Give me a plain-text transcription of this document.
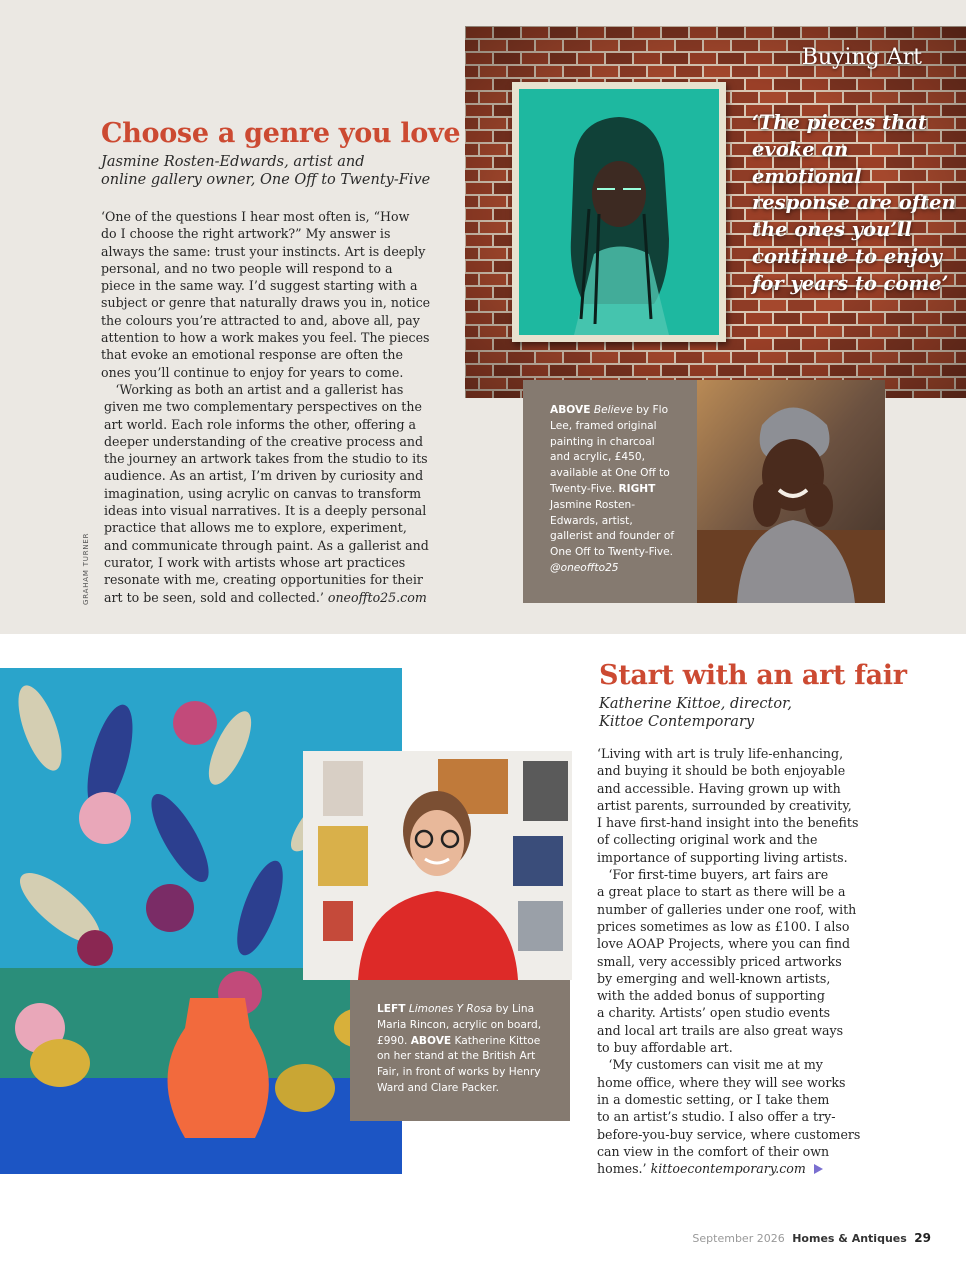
Choose a genre you love
Jasmine Rosten-Edwards, artist and
online gallery owner, One Off to Twenty-Five
‘One of the questions I hear most often is, “How
do I choose the right artwork?” My answer is
always the same: trust your instincts. Art is deeply
personal, and no two people will respond to a
piece in the same way. I’d suggest starting with a
subject or genre that naturally draws you in, notice
the colours you’re attracted to and, above all, pay
attention to how a work makes you feel. The pieces
that evoke an emotional response are often the
ones you’ll continue to enjoy for years to come.
‘Working as both an artist and a gallerist has
given me two complementary perspectives on the
art world. Each role informs the other, offering a
deeper understanding of the creative process and
the journey an artwork takes from the studio to its
audience. As an artist, I’m driven by curiosity and
imagination, using acrylic on canvas to transform
ideas into visual narratives. It is a deeply personal
practice that allows me to explore, experiment,
and communicate through paint. As a gallerist and
curator, I work with artists whose art practices
resonate with me, creating opportunities for their
art to be seen, sold and collected.’ oneoffto25.com
GRAHAM TURNER
Buying Art
‘The pieces that evoke an emotional response are often the ones you’ll continue to enjoy for years to come’
ABOVE Believe by Flo Lee, framed original painting in charcoal and acrylic, £450, available at One Off to Twenty-Five. RIGHT Jasmine Rosten-Edwards, artist, gallerist and founder of One Off to Twenty-Five. @oneoffto25
LEFT Limones Y Rosa by Lina Maria Rincon, acrylic on board, £990. ABOVE Katherine Kittoe on her stand at the British Art Fair, in front of works by Henry Ward and Clare Packer.
Start with an art fair
Katherine Kittoe, director,
Kittoe Contemporary
‘Living with art is truly life-enhancing,
and buying it should be both enjoyable
and accessible. Having grown up with
artist parents, surrounded by creativity,
I have first-hand insight into the benefits
of collecting original work and the
importance of supporting living artists.
‘For first-time buyers, art fairs are
a great place to start as there will be a
number of galleries under one roof, with
prices sometimes as low as £100. I also
love AOAP Projects, where you can find
small, very accessibly priced artworks
by emerging and well-known artists,
with the added bonus of supporting
a charity. Artists’ open studio events
and local art trails are also great ways
to buy affordable art.
‘My customers can visit me at my
home office, where they will see works
in a domestic setting, or I take them
to an artist’s studio. I also offer a try-
before-you-buy service, where customers
can view in the comfort of their own
homes.’ kittoecontemporary.com
September 2026 Homes & Antiques 29
